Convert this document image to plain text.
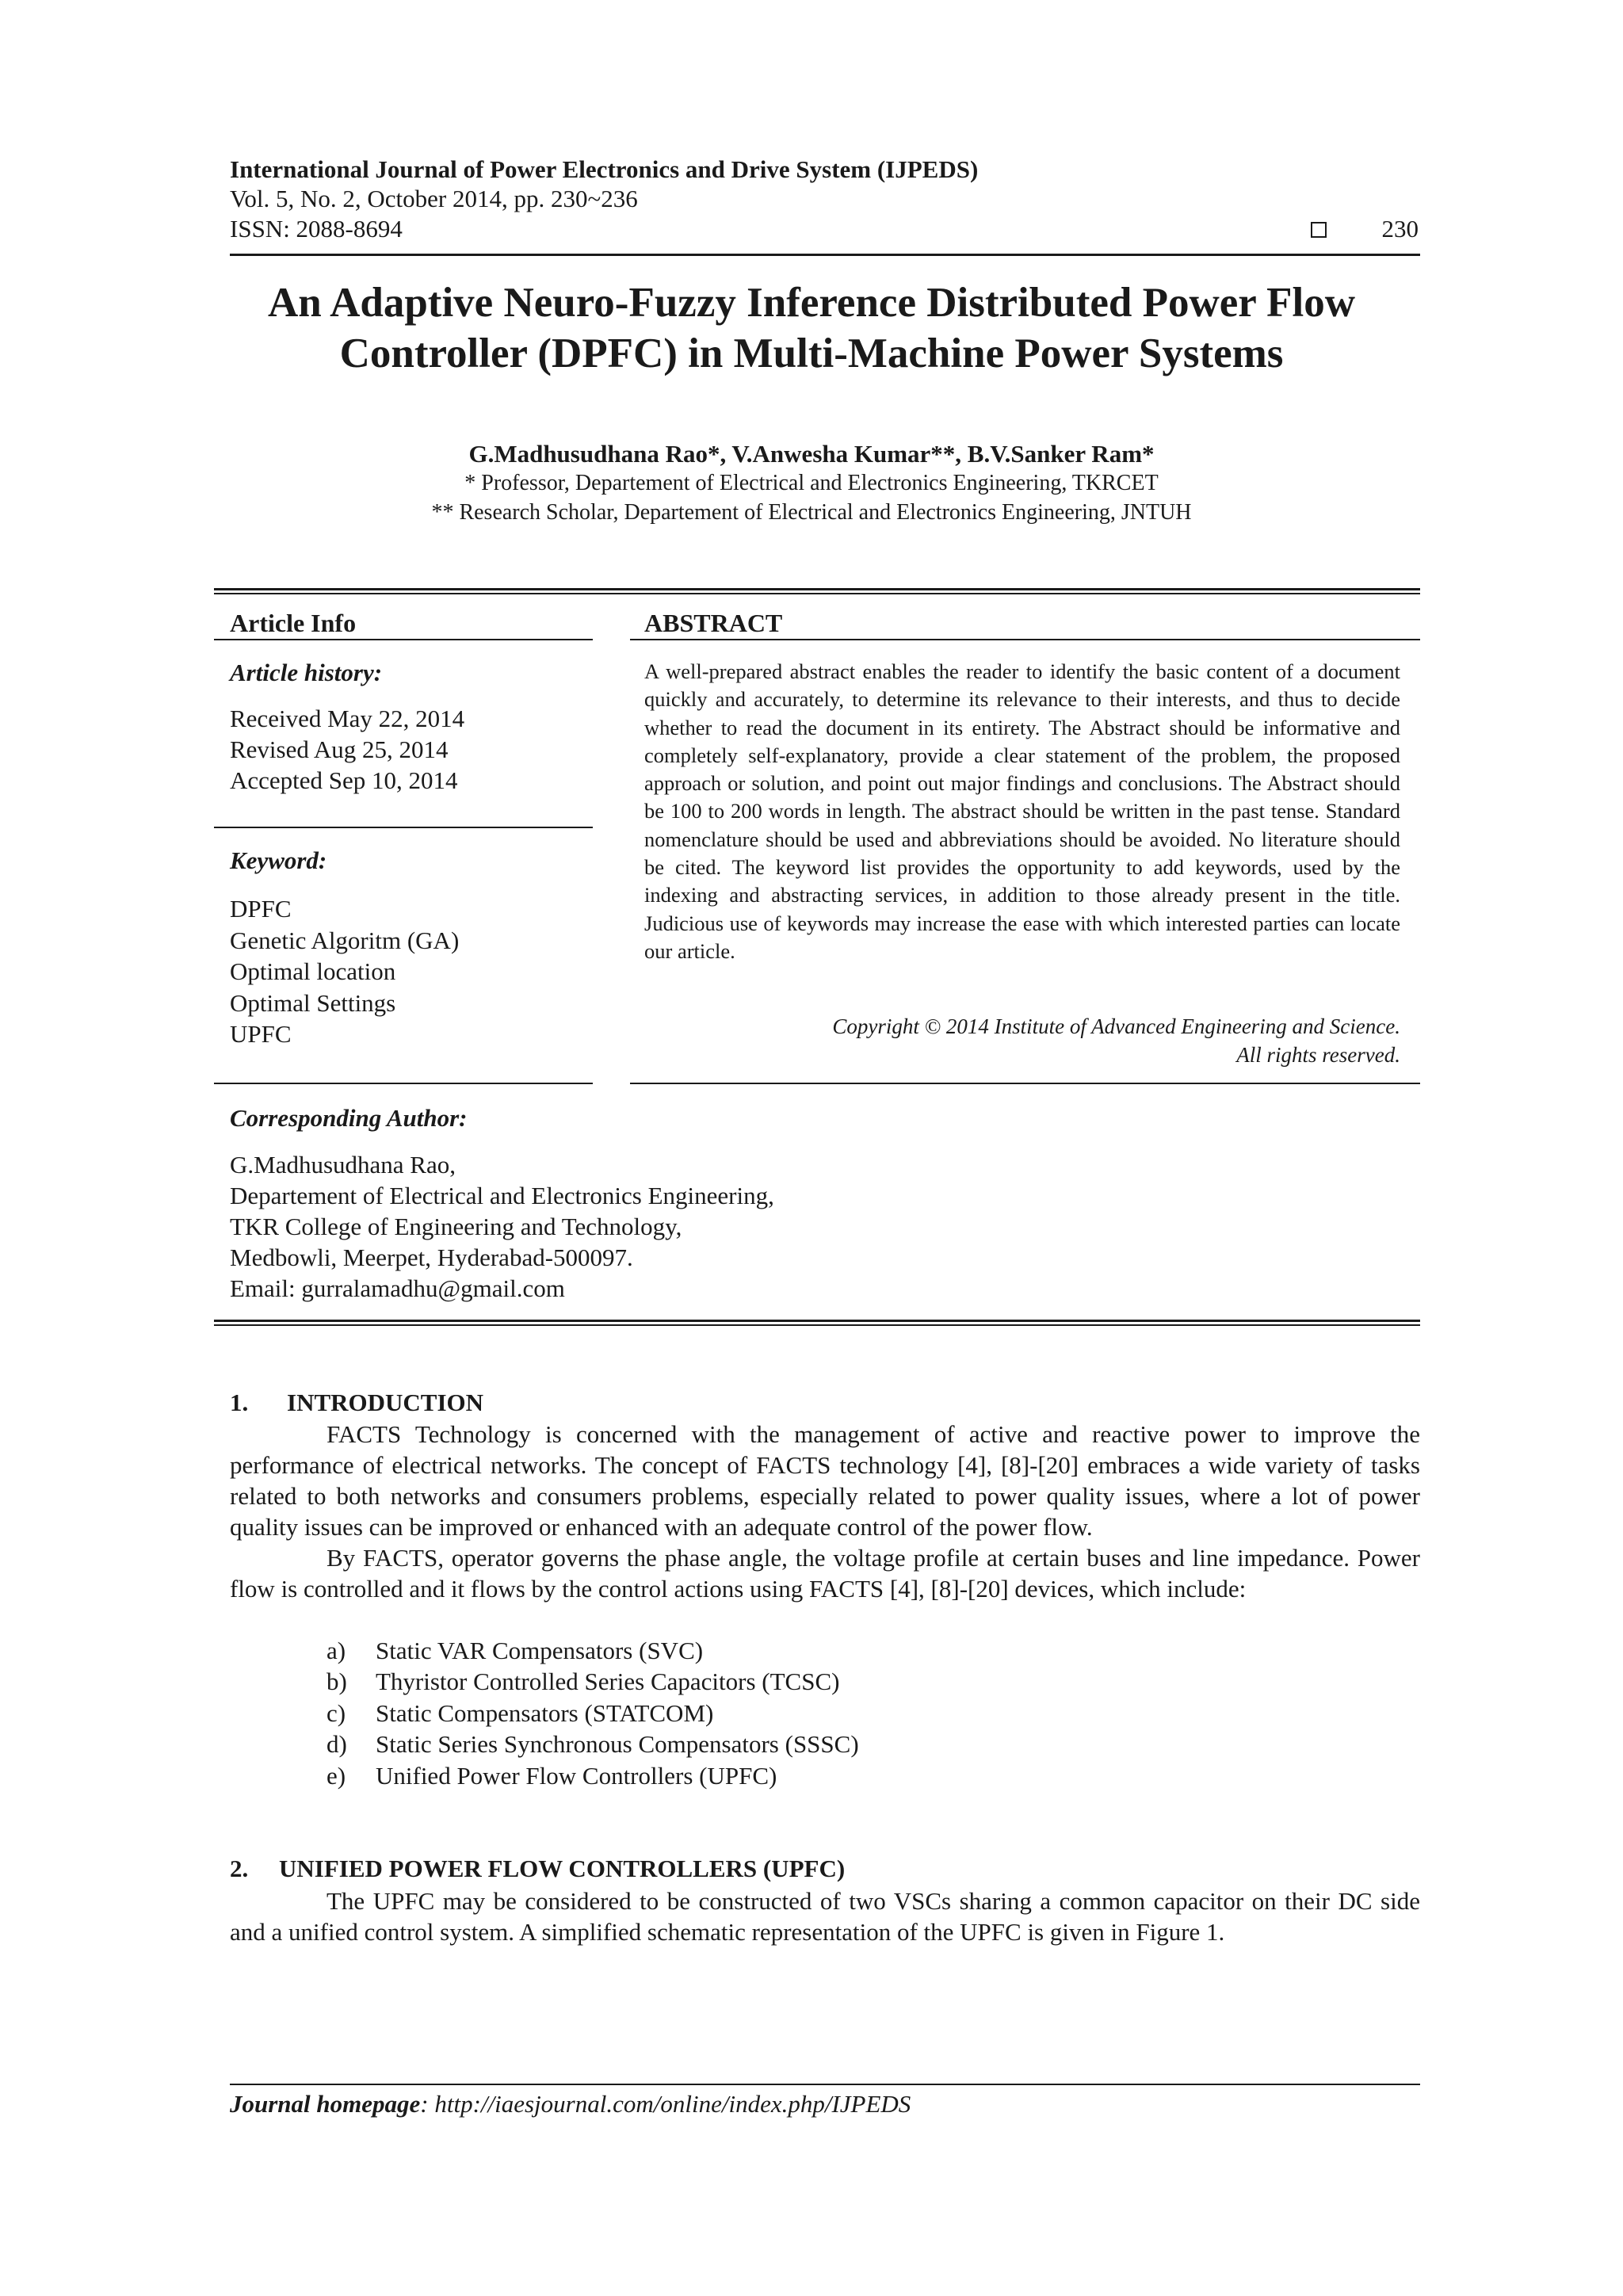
International Journal of Power Electronics and Drive System (IJPEDS)
Vol. 5, No. 2, October 2014, pp. 230~236
ISSN: 2088-8694	230
An Adaptive Neuro-Fuzzy Inference Distributed Power Flow
Controller (DPFC) in Multi-Machine Power Systems
G.Madhusudhana Rao*, V.Anwesha Kumar**, B.V.Sanker Ram*
* Professor, Departement of Electrical and Electronics Engineering, TKRCET
** Research Scholar, Departement of Electrical and Electronics Engineering, JNTUH
Article Info	ABSTRACT
Article history:
Received May 22, 2014
Revised Aug 25, 2014
Accepted Sep 10, 2014
Keyword:
DPFC
Genetic Algoritm (GA)
Optimal location
Optimal Settings
UPFC
A well-prepared abstract enables the reader to identify the basic content of a document quickly and accurately, to determine its relevance to their interests, and thus to decide whether to read the document in its entirety. The Abstract should be informative and completely self-explanatory, provide a clear statement of the problem, the proposed approach or solution, and point out major findings and conclusions. The Abstract should be 100 to 200 words in length. The abstract should be written in the past tense. Standard nomenclature should be used and abbreviations should be avoided. No literature should be cited. The keyword list provides the opportunity to add keywords, used by the indexing and abstracting services, in addition to those already present in the title. Judicious use of keywords may increase the ease with which interested parties can locate our article.
Copyright © 2014 Institute of Advanced Engineering and Science.
All rights reserved.
Corresponding Author:
G.Madhusudhana Rao,
Departement of Electrical and Electronics Engineering,
TKR College of Engineering and Technology,
Medbowli, Meerpet, Hyderabad-500097.
Email: gurralamadhu@gmail.com
1. INTRODUCTION
FACTS Technology is concerned with the management of active and reactive power to improve the performance of electrical networks. The concept of FACTS technology [4], [8]-[20] embraces a wide variety of tasks related to both networks and consumers problems, especially related to power quality issues, where a lot of power quality issues can be improved or enhanced with an adequate control of the power flow.
By FACTS, operator governs the phase angle, the voltage profile at certain buses and line impedance. Power flow is controlled and it flows by the control actions using FACTS [4], [8]-[20] devices, which include:
a) Static VAR Compensators (SVC)
b) Thyristor Controlled Series Capacitors (TCSC)
c) Static Compensators (STATCOM)
d) Static Series Synchronous Compensators (SSSC)
e) Unified Power Flow Controllers (UPFC)
2. UNIFIED POWER FLOW CONTROLLERS (UPFC)
The UPFC may be considered to be constructed of two VSCs sharing a common capacitor on their DC side and a unified control system. A simplified schematic representation of the UPFC is given in Figure 1.
Journal homepage: http://iaesjournal.com/online/index.php/IJPEDS
